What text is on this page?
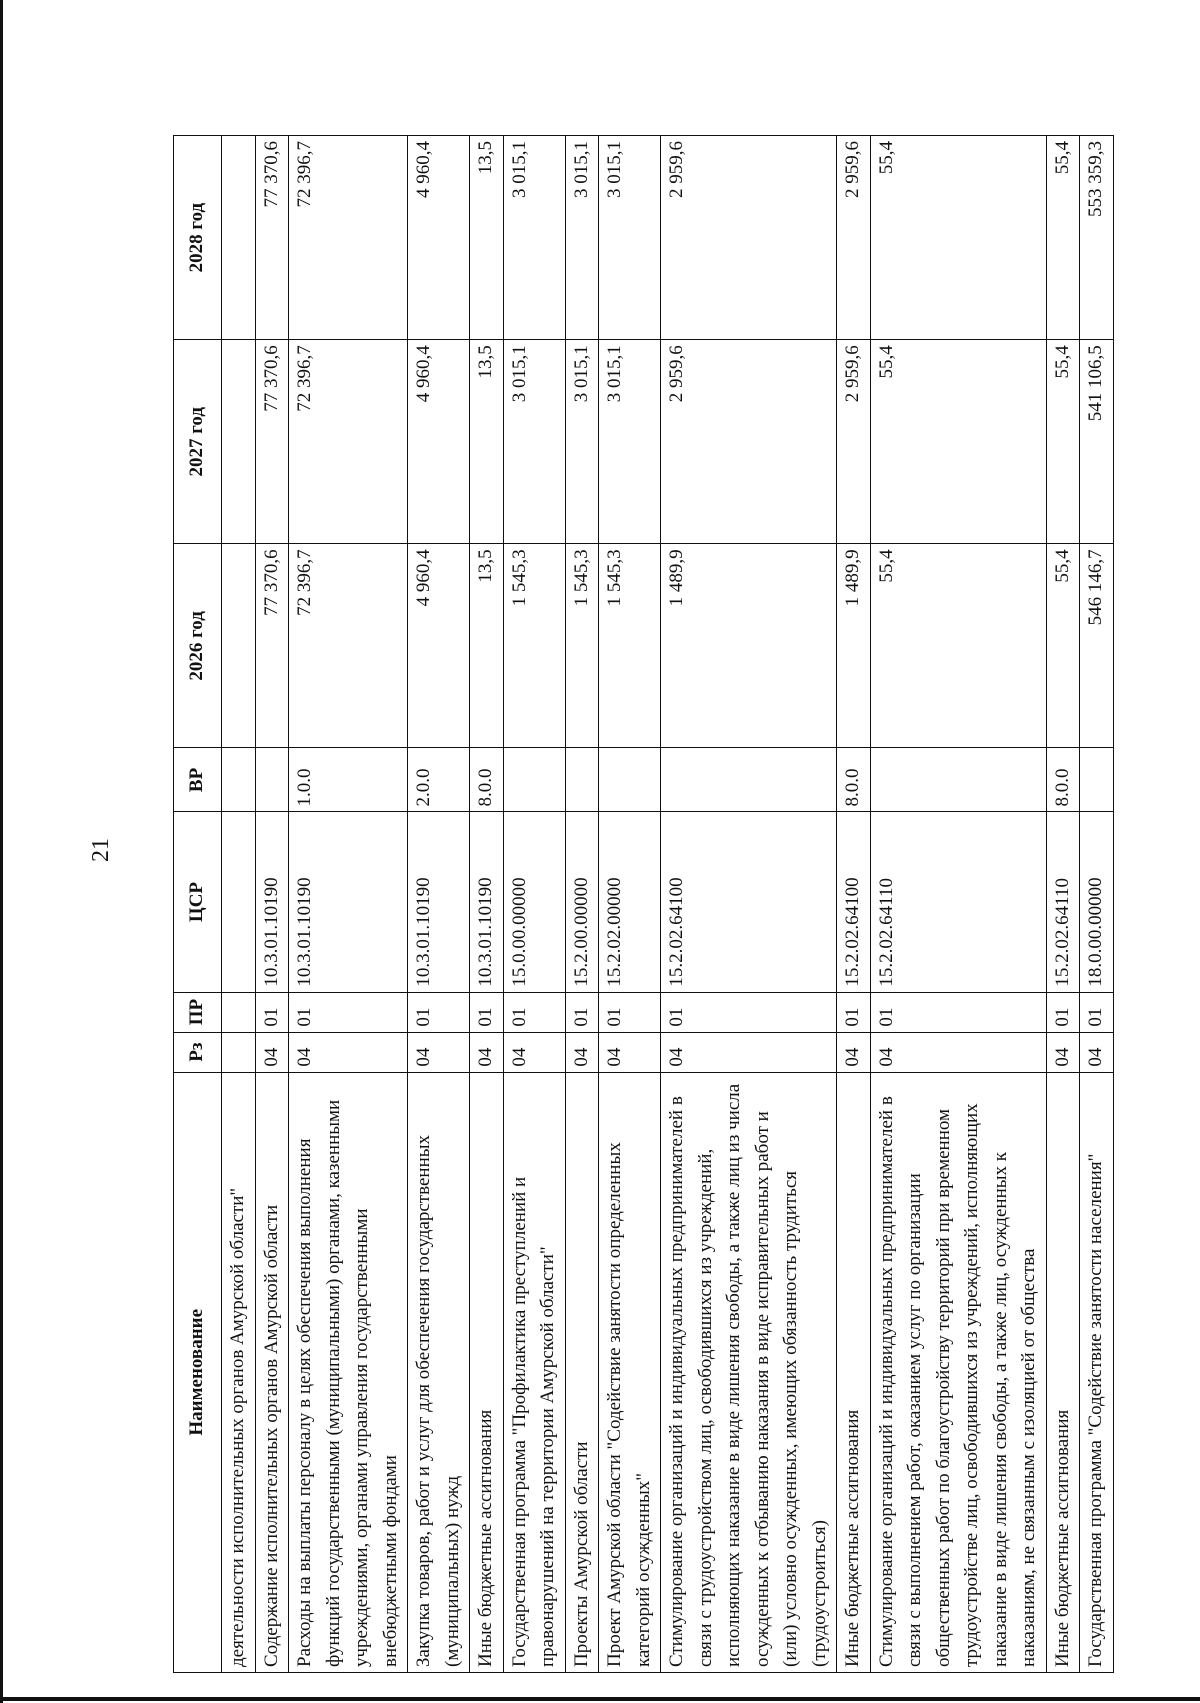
21
Наименование	Рз	ПР	ЦСР	ВР	2026 год	2027 год	2028 год
деятельности исполнительных органов Амурской области"							
Содержание исполнительных органов Амурской области	04	01	10.3.01.10190		77 370,6	77 370,6	77 370,6
Расходы на выплаты персоналу в целях обеспечения выполнения функций государственными (муниципальными) органами, казенными учреждениями, органами управления государственными внебюджетными фондами	04	01	10.3.01.10190	1.0.0	72 396,7	72 396,7	72 396,7
Закупка товаров, работ и услуг для обеспечения государственных (муниципальных) нужд	04	01	10.3.01.10190	2.0.0	4 960,4	4 960,4	4 960,4
Иные бюджетные ассигнования	04	01	10.3.01.10190	8.0.0	13,5	13,5	13,5
Государственная программа "Профилактика преступлений и правонарушений на территории Амурской области"	04	01	15.0.00.00000		1 545,3	3 015,1	3 015,1
Проекты Амурской области	04	01	15.2.00.00000		1 545,3	3 015,1	3 015,1
Проект Амурской области "Содействие занятости определенных категорий осужденных"	04	01	15.2.02.00000		1 545,3	3 015,1	3 015,1
Стимулирование организаций и индивидуальных предпринимателей в связи с трудоустройством лиц, освободившихся из учреждений, исполняющих наказание в виде лишения свободы, а также лиц из числа осужденных к отбыванию наказания в виде исправительных работ и (или) условно осужденных, имеющих обязанность трудиться (трудоустроиться)	04	01	15.2.02.64100		1 489,9	2 959,6	2 959,6
Иные бюджетные ассигнования	04	01	15.2.02.64100	8.0.0	1 489,9	2 959,6	2 959,6
Стимулирование организаций и индивидуальных предпринимателей в связи с выполнением работ, оказанием услуг по организации общественных работ по благоустройству территорий при временном трудоустройстве лиц, освободившихся из учреждений, исполняющих наказание в виде лишения свободы, а также лиц, осужденных к наказаниям, не связанным с изоляцией от общества	04	01	15.2.02.64110		55,4	55,4	55,4
Иные бюджетные ассигнования	04	01	15.2.02.64110	8.0.0	55,4	55,4	55,4
Государственная программа "Содействие занятости населения"	04	01	18.0.00.00000		546 146,7	541 106,5	553 359,3
